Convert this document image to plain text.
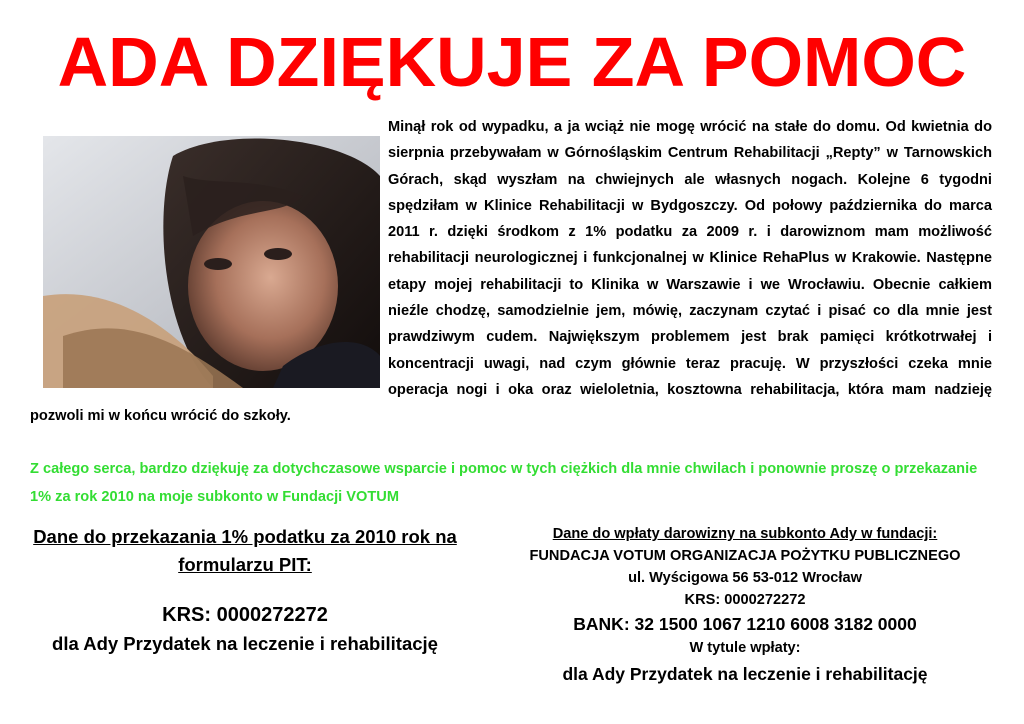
ADA DZIĘKUJE ZA POMOC

Minął rok od wypadku, a ja wciąż nie mogę wrócić na stałe do domu. Od kwietnia do sierpnia przebywałam w Górnośląskim Centrum Rehabilitacji „Repty” w Tarnowskich Górach, skąd wyszłam na chwiejnych ale własnych nogach. Kolejne 6 tygodni spędziłam w Klinice Rehabilitacji w Bydgoszczy. Od połowy października do marca 2011 r. dzięki środkom z 1% podatku za 2009 r. i darowiznom mam możliwość rehabilitacji neurologicznej i funkcjonalnej w Klinice RehaPlus w Krakowie. Następne etapy mojej rehabilitacji to Klinika w Warszawie i we Wrocławiu. Obecnie całkiem nieźle chodzę, samodzielnie jem, mówię, zaczynam czytać i pisać co dla mnie jest prawdziwym cudem. Największym problemem jest brak pamięci krótkotrwałej i koncentracji uwagi, nad czym głównie teraz pracuję. W przyszłości czeka mnie operacja nogi i oka oraz wieloletnia, kosztowna rehabilitacja, która mam nadzieję pozwoli mi w końcu wrócić do szkoły.

Z całego serca, bardzo dziękuję za dotychczasowe wsparcie i pomoc w tych ciężkich dla mnie chwilach i ponownie proszę o przekazanie 1% za rok 2010 na moje subkonto w Fundacji VOTUM

Dane do przekazania 1% podatku za 2010 rok na formularzu PIT:
KRS: 0000272272
dla Ady Przydatek na leczenie i rehabilitację
Dane do wpłaty darowizny na subkonto Ady w fundacji:
FUNDACJA VOTUM ORGANIZACJA POŻYTKU PUBLICZNEGO
ul. Wyścigowa 56 53-012 Wrocław
KRS: 0000272272
BANK: 32 1500 1067 1210 6008 3182 0000
W tytule wpłaty:
dla Ady Przydatek na leczenie i rehabilitację
